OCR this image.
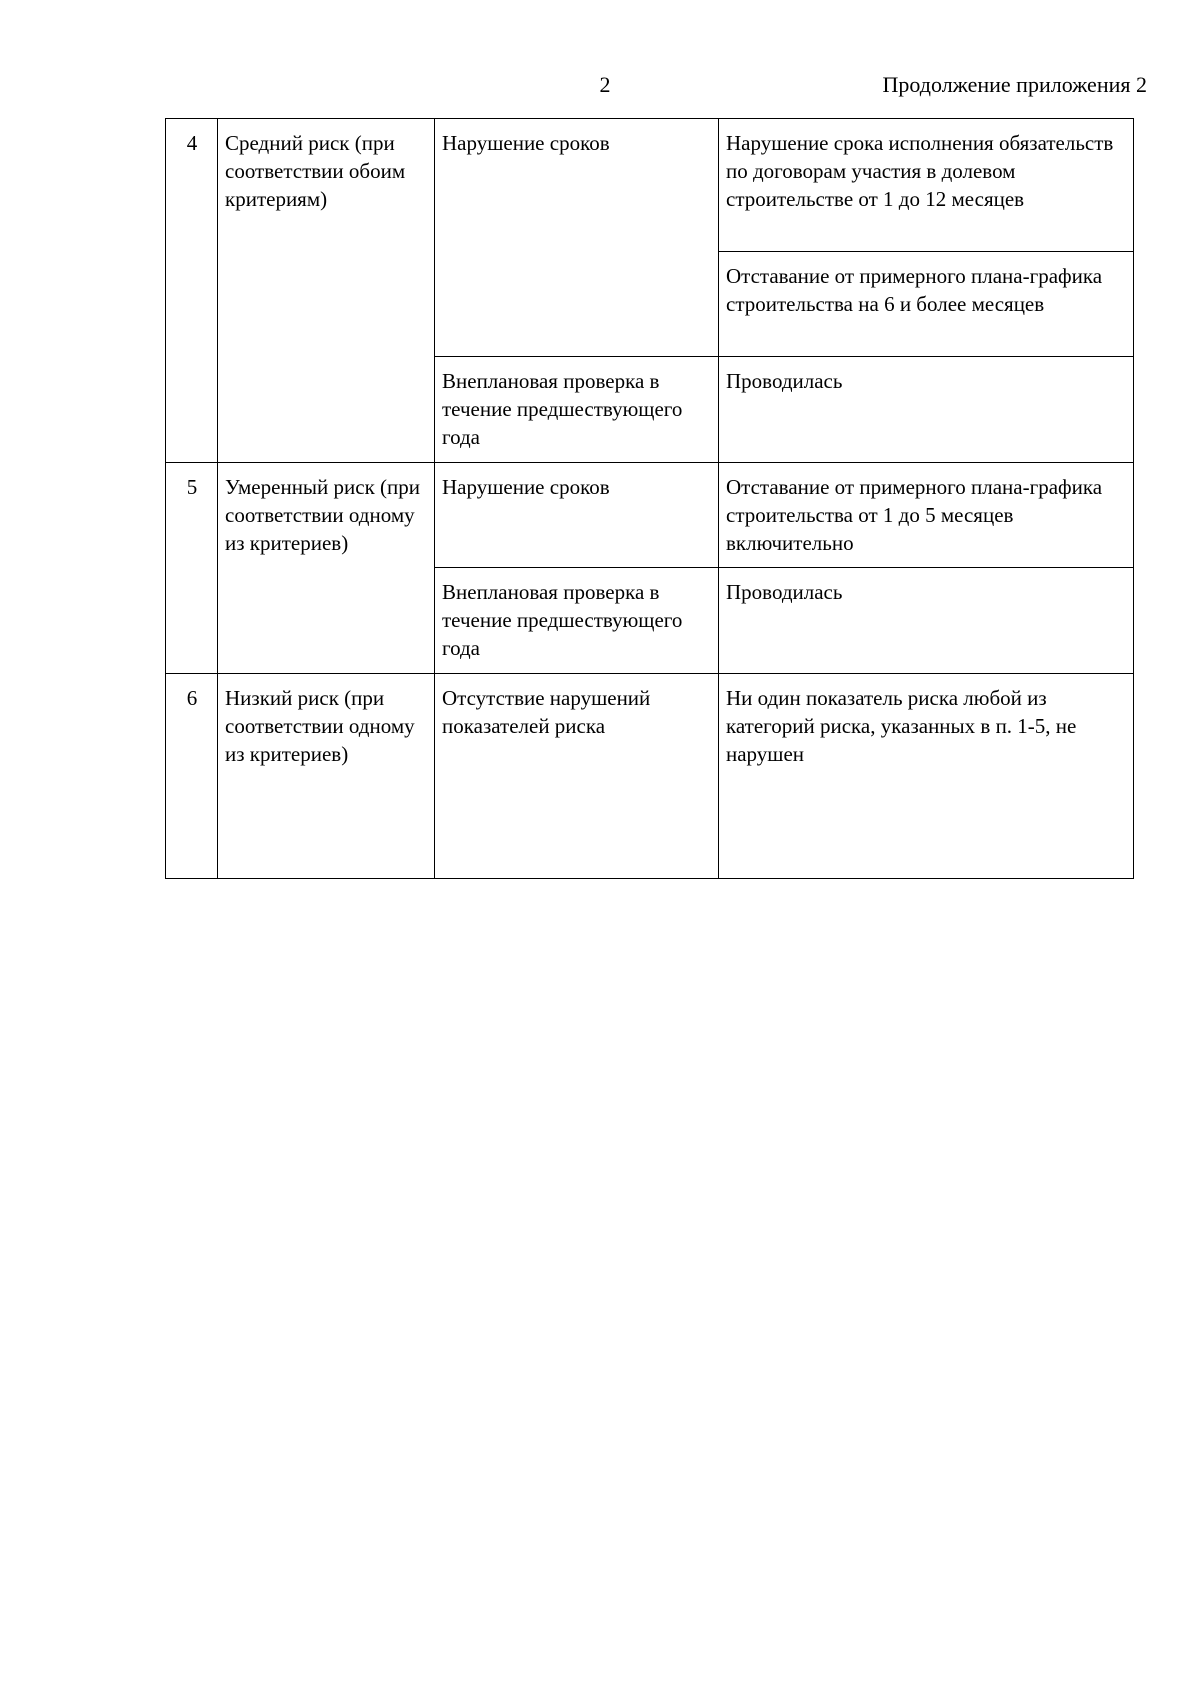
2	Продолжение приложения 2
4	Средний риск (при соответствии обоим критериям)	Нарушение сроков	Нарушение срока исполнения обязательств по договорам участия в долевом строительстве от 1 до 12 месяцев
			Отставание от примерного плана-графика строительства на 6 и более месяцев
		Внеплановая проверка в течение предшествующего года	Проводилась
5	Умеренный риск (при соответствии одному из критериев)	Нарушение сроков	Отставание от примерного плана-графика строительства от 1 до 5 месяцев включительно
		Внеплановая проверка в течение предшествующего года	Проводилась
6	Низкий риск (при соответствии одному из критериев)	Отсутствие нарушений показателей риска	Ни один показатель риска любой из категорий риска, указанных в п. 1-5, не нарушен
